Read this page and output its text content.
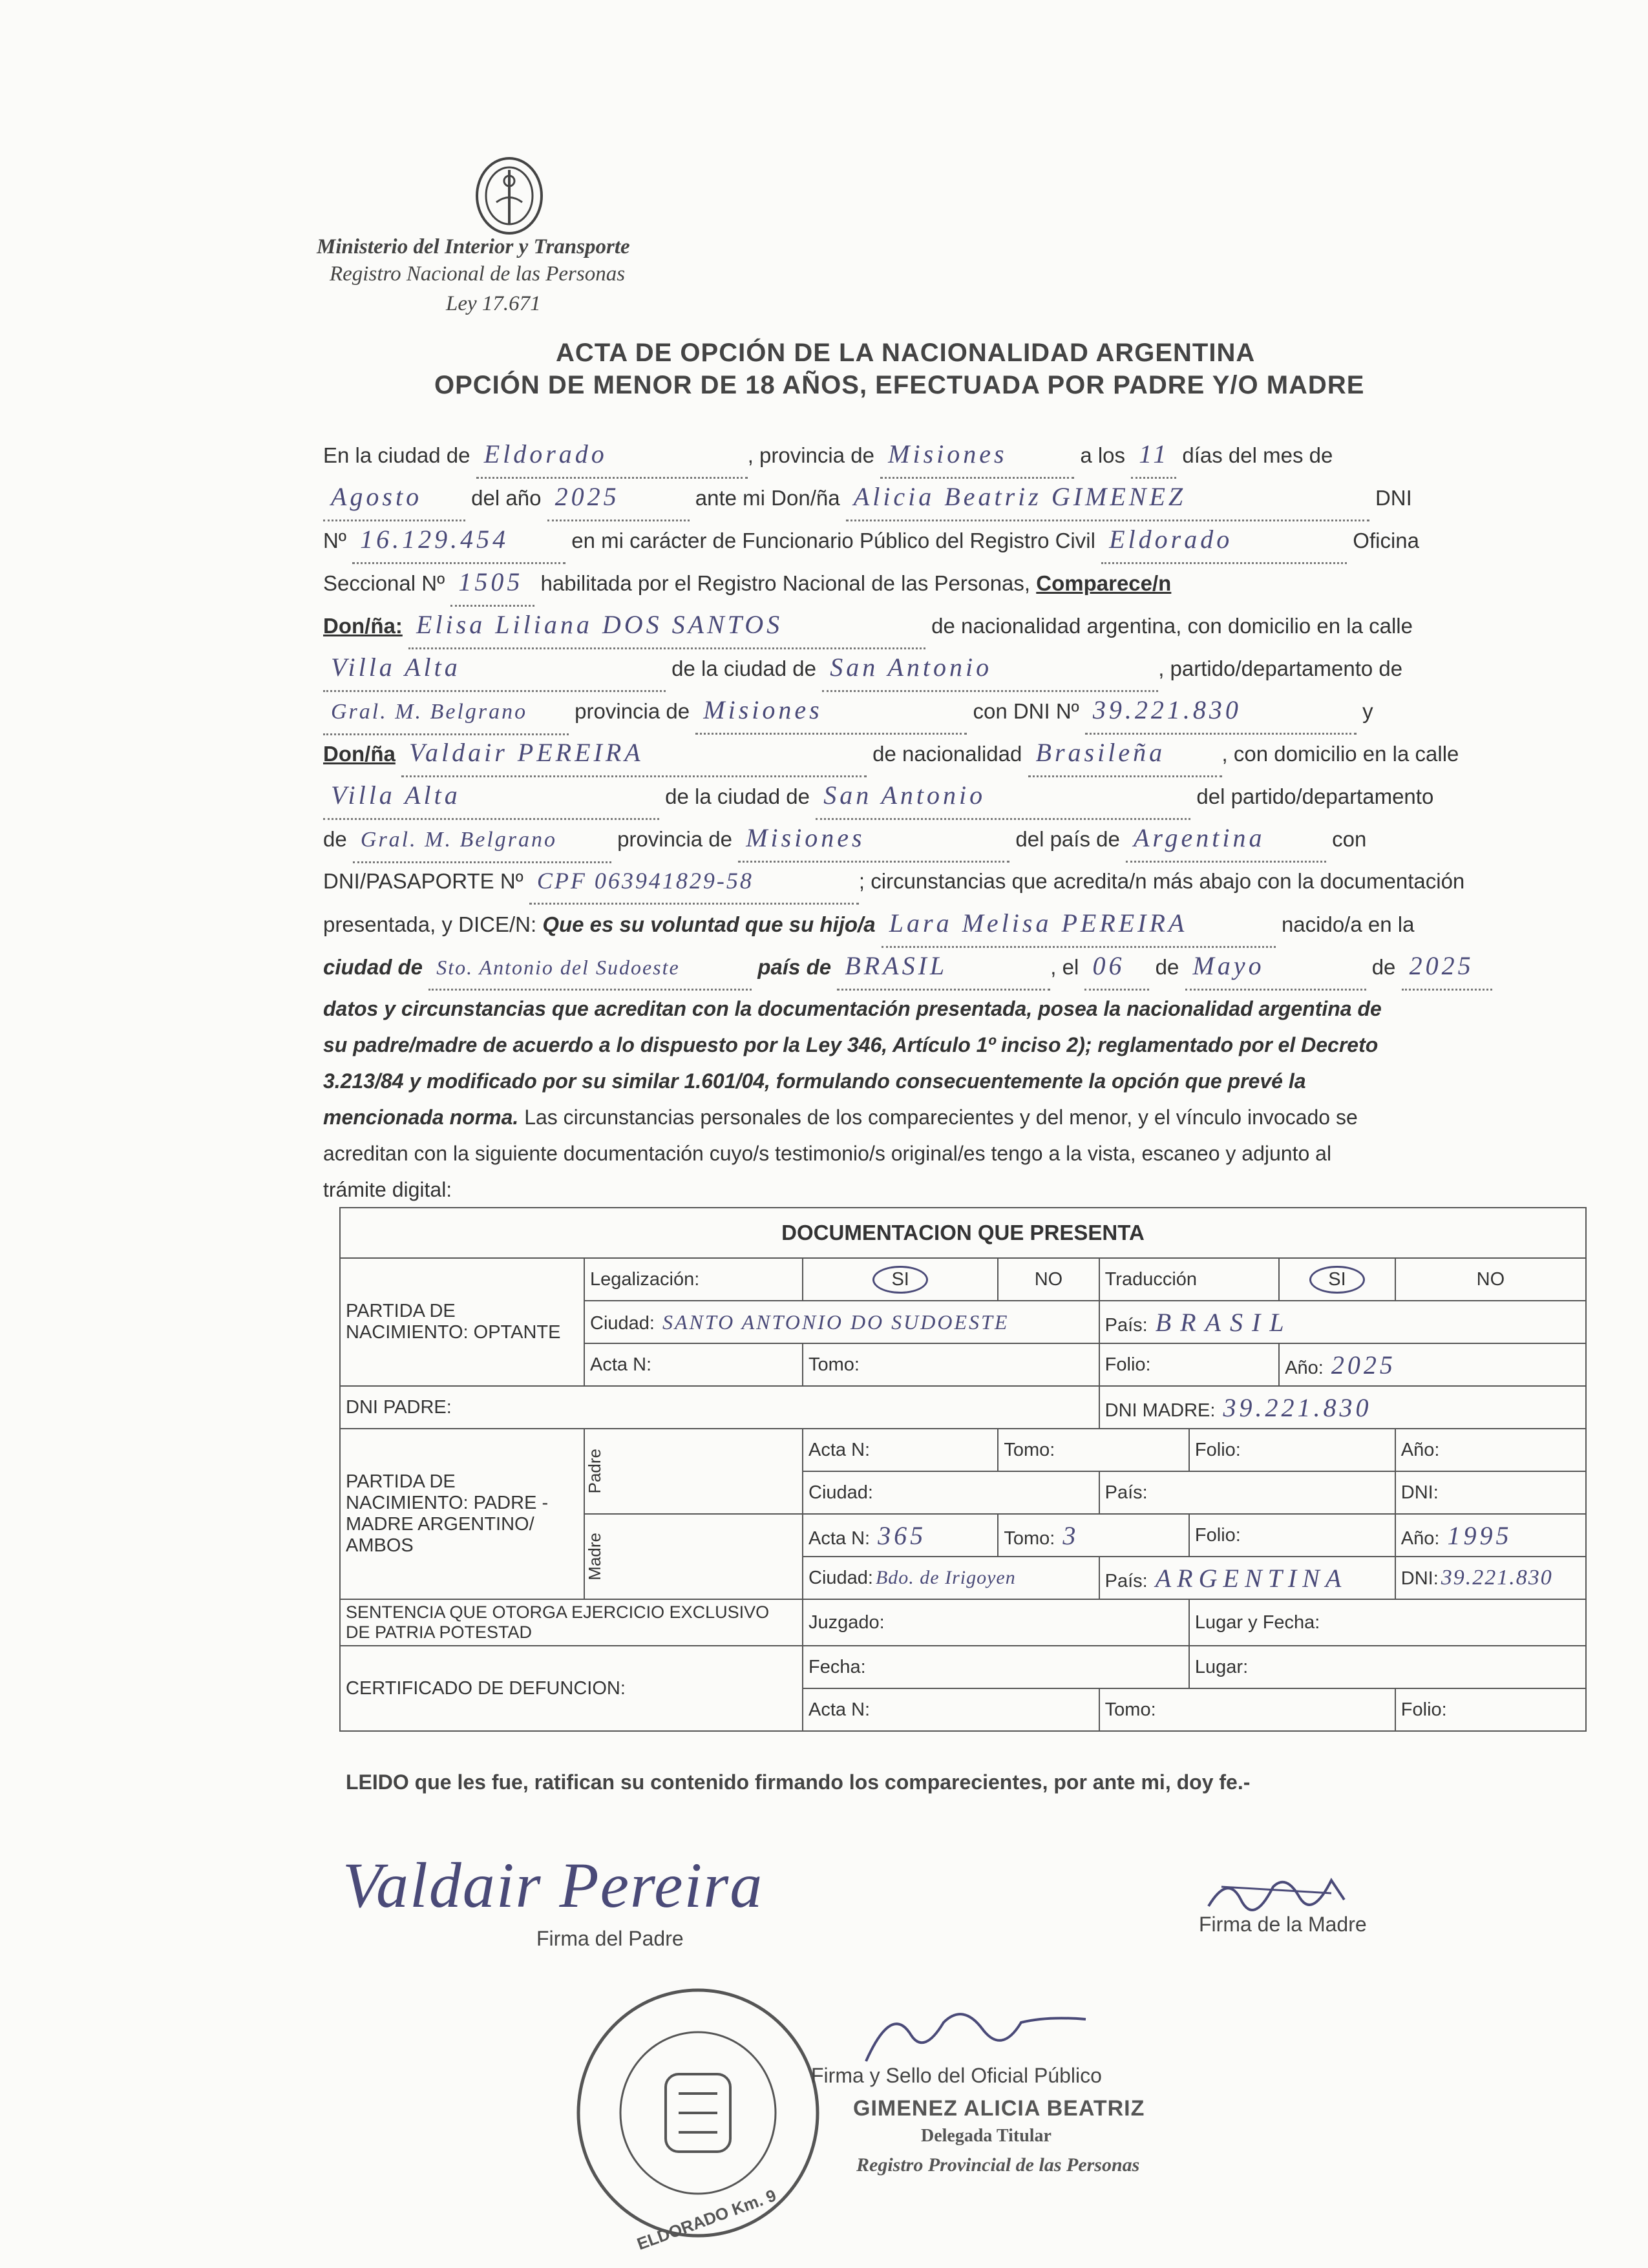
Ministerio del Interior y Transporte
Registro Nacional de las Personas
Ley 17.671
ACTA DE OPCIÓN DE LA NACIONALIDAD ARGENTINA
OPCIÓN DE MENOR DE 18 AÑOS, EFECTUADA POR PADRE Y/O MADRE
En la ciudad de Eldorado	, provincia de Misiones	a los 11 días del mes de
Agosto del año 2025	ante mi Don/ña Alicia Beatriz GIMENEZ	DNI
Nº 16.129.454	en mi carácter de Funcionario Público del Registro Civil Eldorado	Oficina
Seccional Nº 1505 habilitada por el Registro Nacional de las Personas, Comparece/n
Don/ña: Elisa Liliana DOS SANTOS	de nacionalidad argentina, con domicilio en la calle
Villa Alta	de la ciudad de San Antonio	, partido/departamento de
Gral. M. Belgrano provincia de Misiones	con DNI Nº 39.221.830	y
Don/ña Valdair PEREIRA	de nacionalidad Brasileña	, con domicilio en la calle
Villa Alta	de la ciudad de San Antonio	del partido/departamento
de Gral. M. Belgrano	provincia de Misiones	del país de Argentina	con
DNI/PASAPORTE Nº CPF 063941829-58	; circunstancias que acredita/n más abajo con la documentación
presentada, y DICE/N: Que es su voluntad que su hijo/a Lara Melisa PEREIRA	nacido/a en la
ciudad de Sto. Antonio del Sudoeste	país de BRASIL	, el 06 de Mayo	de 2025
datos y circunstancias que acreditan con la documentación presentada, posea la nacionalidad argentina de
su padre/madre de acuerdo a lo dispuesto por la Ley 346, Artículo 1º inciso 2); reglamentado por el Decreto
3.213/84 y modificado por su similar 1.601/04, formulando consecuentemente la opción que prevé la
mencionada norma. Las circunstancias personales de los comparecientes y del menor, y el vínculo invocado se
acreditan con la siguiente documentación cuyo/s testimonio/s original/es tengo a la vista, escaneo y adjunto al
trámite digital:
DOCUMENTACION QUE PRESENTA							
PARTIDA DE NACIMIENTO: OPTANTE	Legalización:	SI	NO	Traducción		SI	NO
	Ciudad: SANTO ANTONIO DO SUDOESTE			País: BRASIL			
	Acta N:	Tomo:		Folio:		Año: 2025	
DNI PADRE:				DNI MADRE: 39.221.830			
PARTIDA DE NACIMIENTO: PADRE - MADRE ARGENTINO/ AMBOS	Padre	Acta N:	Tomo:		Folio:		Año:
		Ciudad:		País:			DNI:

	Madre	Acta N: 365	Tomo: 3		Folio:		Año: 1995
		Ciudad: Bdo. de Irigoyen		País: ARGENTINA			DNI: 39.221.830
SENTENCIA QUE OTORGA EJERCICIO EXCLUSIVO DE PATRIA POTESTAD		Juzgado:			Lugar y Fecha:		
CERTIFICADO DE DEFUNCION:		Fecha:			Lugar:		
		Acta N:		Tomo:			Folio:
LEIDO que les fue, ratifican su contenido firmando los comparecientes, por ante mi, doy fe.-
Valdair Pereira
Firma del Padre
Firma de la Madre
ELDORADO Km. 9
Firma y Sello del Oficial Público
GIMENEZ ALICIA BEATRIZ
Delegada Titular
Registro Provincial de las Personas
